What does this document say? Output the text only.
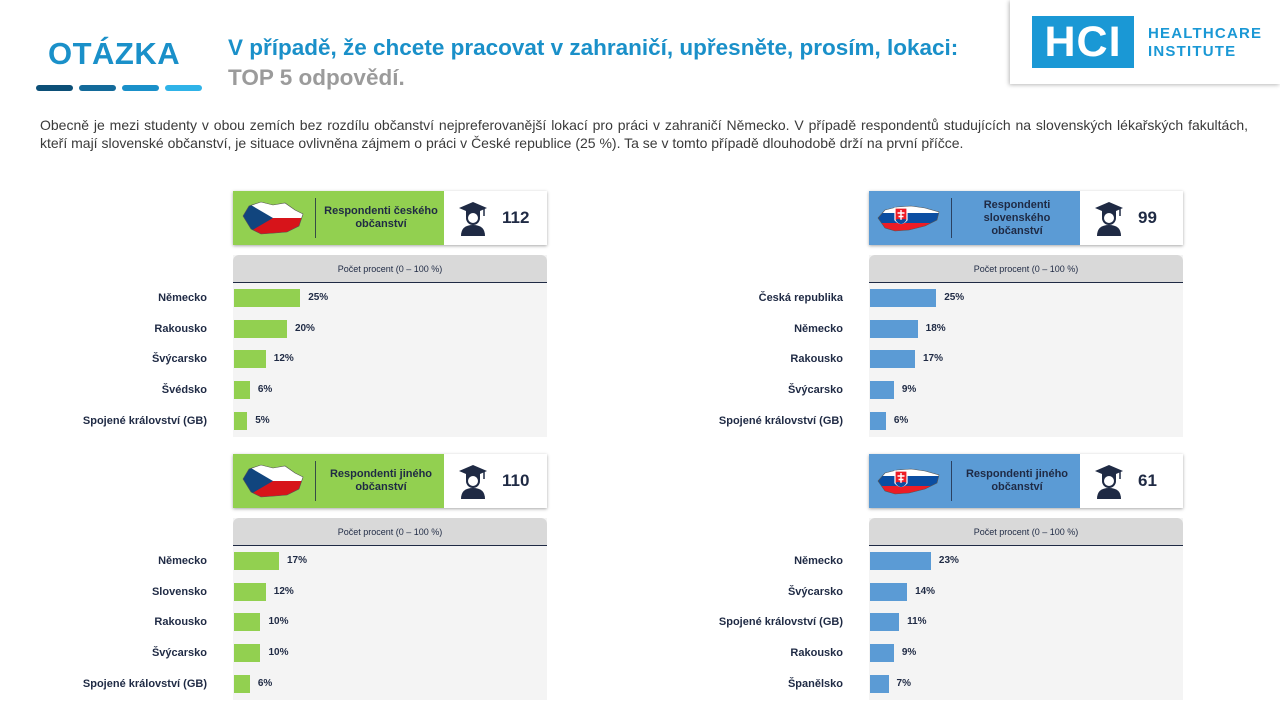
OTÁZKA V případě, že chcete pracovat v zahraničí, upřesněte, prosím, lokaci: TOP 5 odpovědí.
HCI	HEALTHCARE
INSTITUTE
Obecně je mezi studenty v obou zemích bez rozdílu občanství nejpreferovanější lokací pro práci v zahraničí Německo. V případě respondentů studujících na slovenských lékařských fakultách, kteří mají slovenské občanství, je situace ovlivněna zájmem o práci v České republice (25 %). Ta se v tomto případě dlouhodobě drží na první příčce.
Respondenti českého občanství	112
Počet procent (0 – 100 %)
Německo	25%
Rakousko	20%
Švýcarsko	12%
Švédsko	6%
Spojené království (GB)	5%
Respondenti slovenského občanství
99
Počet procent (0 – 100 %)
Česká republika	25%
Německo	18%
Rakousko	17%
Švýcarsko	9%
Spojené království (GB)	6%
Respondenti jiného občanství	110
Počet procent (0 – 100 %)
Německo	17%
Slovensko	12%
Rakousko	10%
Švýcarsko	10%
Spojené království (GB)	6%
Respondenti jiného občanství	61
Počet procent (0 – 100 %)
Německo	23%
Švýcarsko	14%
Spojené království (GB)	11%
Rakousko	9%
Španělsko	7%
